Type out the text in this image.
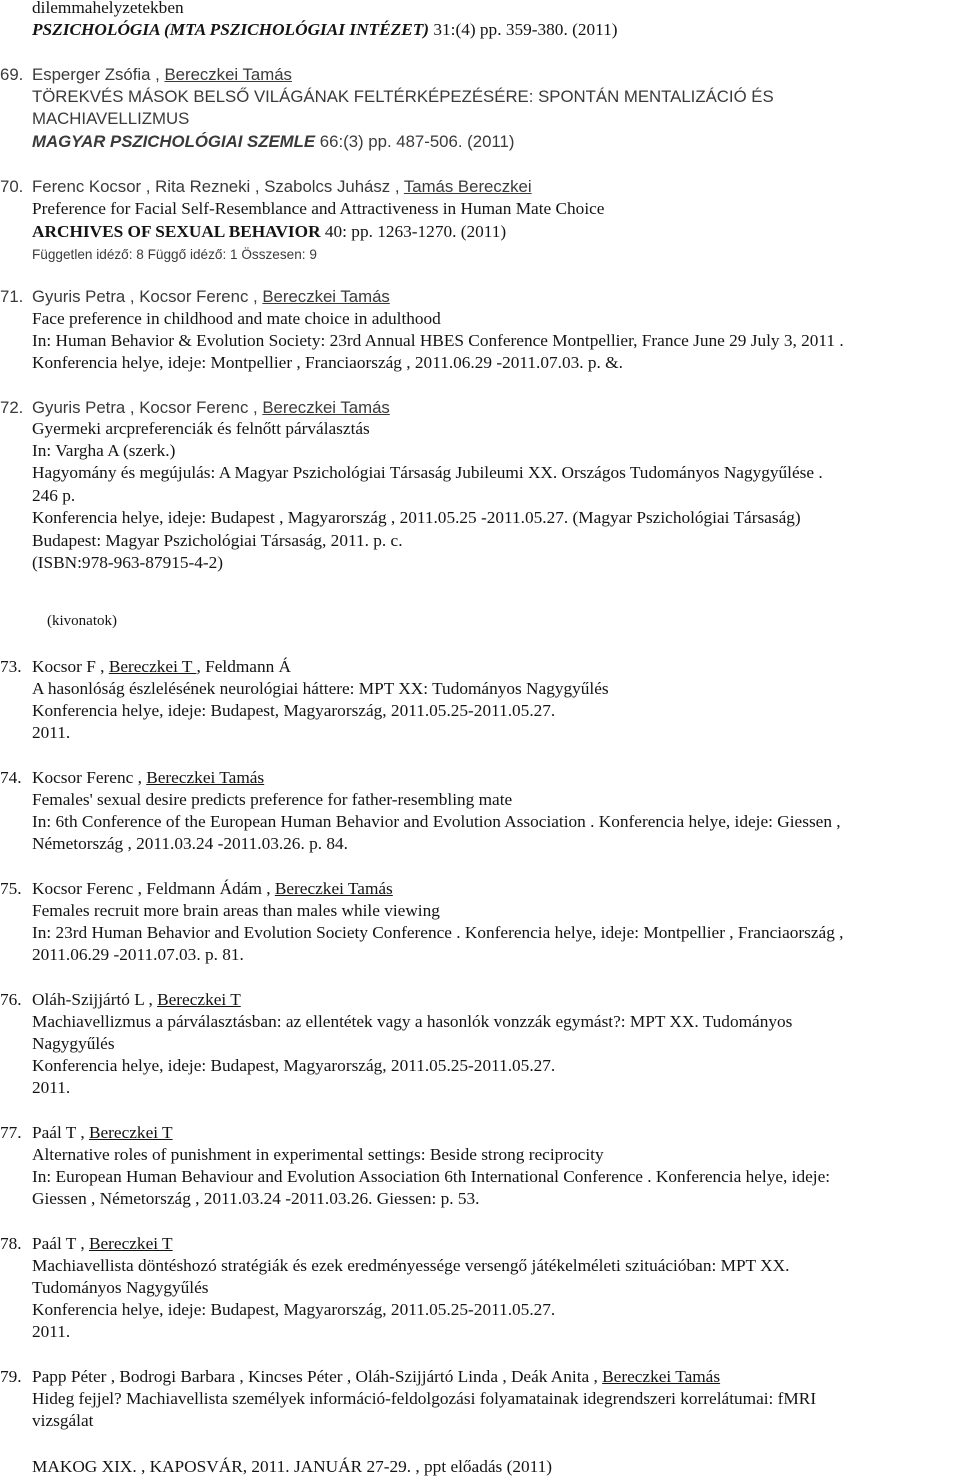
dilemmahelyzetekben
PSZICHOLÓGIA (MTA PSZICHOLÓGIAI INTÉZET) 31:(4) pp. 359-380. (2011)
69. Esperger Zsófia , Bereczkei Tamás
TÖREKVÉS MÁSOK BELSŐ VILÁGÁNAK FELTÉRKÉPEZÉSÉRE: SPONTÁN MENTALIZÁCIÓ ÉS
MACHIAVELLIZMUS
MAGYAR PSZICHOLÓGIAI SZEMLE 66:(3) pp. 487-506. (2011)
70. Ferenc Kocsor , Rita Rezneki , Szabolcs Juhász , Tamás Bereczkei
Preference for Facial Self-Resemblance and Attractiveness in Human Mate Choice
ARCHIVES OF SEXUAL BEHAVIOR 40: pp. 1263-1270. (2011)
Független idéző: 8 Függő idéző: 1 Összesen: 9
71. Gyuris Petra , Kocsor Ferenc , Bereczkei Tamás
Face preference in childhood and mate choice in adulthood
In: Human Behavior & Evolution Society: 23rd Annual HBES Conference Montpellier, France June 29 July 3, 2011 .
Konferencia helye, ideje: Montpellier , Franciaország , 2011.06.29 -2011.07.03. p. &.
72. Gyuris Petra , Kocsor Ferenc , Bereczkei Tamás
Gyermeki arcpreferenciák és felnőtt párválasztás
In: Vargha A (szerk.)
Hagyomány és megújulás: A Magyar Pszichológiai Társaság Jubileumi XX. Országos Tudományos Nagygyűlése .
246 p.
Konferencia helye, ideje: Budapest , Magyarország , 2011.05.25 -2011.05.27. (Magyar Pszichológiai Társaság)
Budapest: Magyar Pszichológiai Társaság, 2011. p. c.
(ISBN:978-963-87915-4-2)
(kivonatok)
73. Kocsor F , Bereczkei T , Feldmann Á
A hasonlóság észlelésének neurológiai háttere: MPT XX: Tudományos Nagygyűlés
Konferencia helye, ideje: Budapest, Magyarország, 2011.05.25-2011.05.27.
2011.
74. Kocsor Ferenc , Bereczkei Tamás
Females' sexual desire predicts preference for father-resembling mate
In: 6th Conference of the European Human Behavior and Evolution Association . Konferencia helye, ideje: Giessen ,
Németország , 2011.03.24 -2011.03.26. p. 84.
75. Kocsor Ferenc , Feldmann Ádám , Bereczkei Tamás
Females recruit more brain areas than males while viewing
In: 23rd Human Behavior and Evolution Society Conference . Konferencia helye, ideje: Montpellier , Franciaország ,
2011.06.29 -2011.07.03. p. 81.
76. Oláh-Szijjártó L , Bereczkei T
Machiavellizmus a párválasztásban: az ellentétek vagy a hasonlók vonzzák egymást?: MPT XX. Tudományos
Nagygyűlés
Konferencia helye, ideje: Budapest, Magyarország, 2011.05.25-2011.05.27.
2011.
77. Paál T , Bereczkei T
Alternative roles of punishment in experimental settings: Beside strong reciprocity
In: European Human Behaviour and Evolution Association 6th International Conference . Konferencia helye, ideje:
Giessen , Németország , 2011.03.24 -2011.03.26. Giessen: p. 53.
78. Paál T , Bereczkei T
Machiavellista döntéshozó stratégiák és ezek eredményessége versengő játékelméleti szituációban: MPT XX.
Tudományos Nagygyűlés
Konferencia helye, ideje: Budapest, Magyarország, 2011.05.25-2011.05.27.
2011.
79. Papp Péter , Bodrogi Barbara , Kincses Péter , Oláh-Szijjártó Linda , Deák Anita , Bereczkei Tamás
Hideg fejjel? Machiavellista személyek információ-feldolgozási folyamatainak idegrendszeri korrelátumai: fMRI
vizsgálat
MAKOG XIX. , KAPOSVÁR, 2011. JANUÁR 27-29. , ppt előadás (2011)
